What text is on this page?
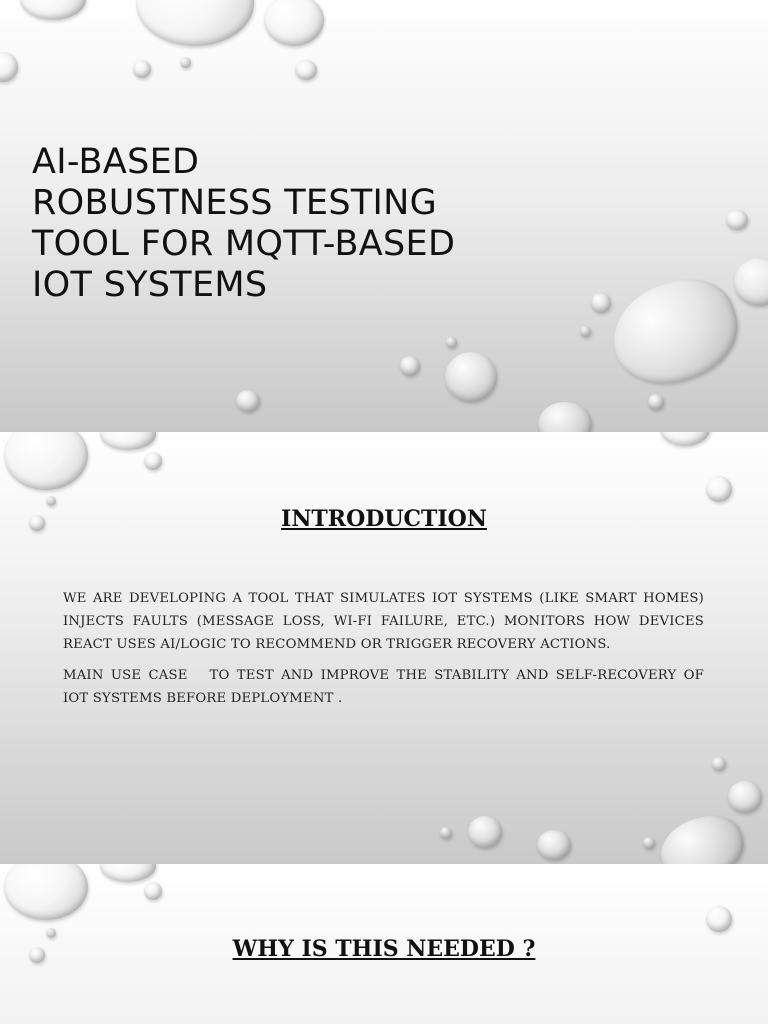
AI-BASED
ROBUSTNESS TESTING
TOOL FOR MQTT-BASED
IOT SYSTEMS
INTRODUCTION

WE ARE DEVELOPING A TOOL THAT SIMULATES IOT SYSTEMS (LIKE SMART HOMES) INJECTS FAULTS (MESSAGE LOSS, WI-FI FAILURE, ETC.) MONITORS HOW DEVICES REACT USES AI/LOGIC TO RECOMMEND OR TRIGGER RECOVERY ACTIONS.

MAIN USE CASE TO TEST AND IMPROVE THE STABILITY AND SELF-RECOVERY OF IOT SYSTEMS BEFORE DEPLOYMENT .

WHY IS THIS NEEDED ?
